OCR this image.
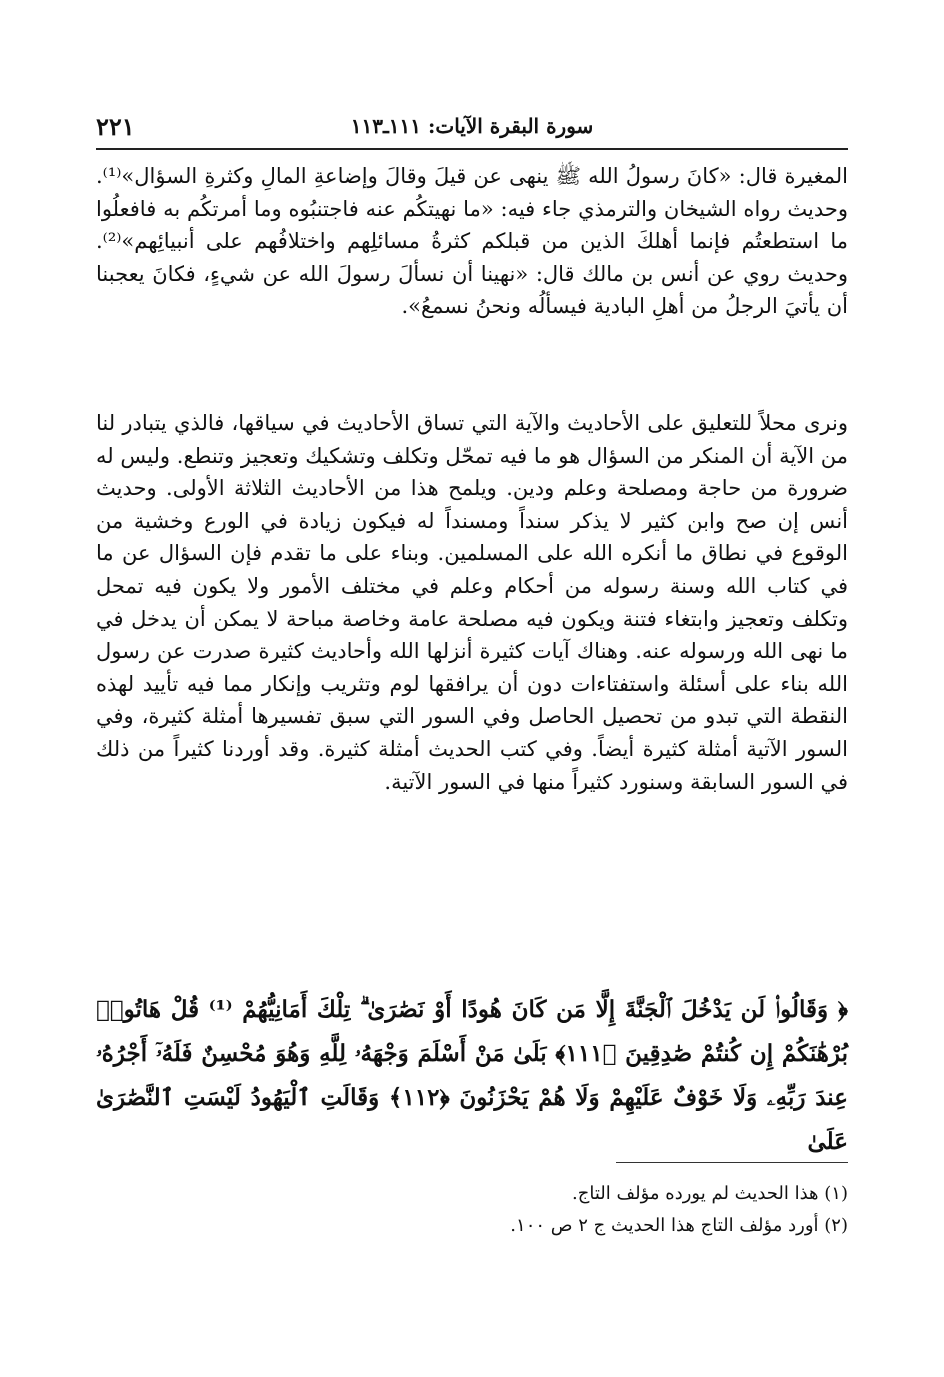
٢٢١	سورة البقرة الآيات: ١١١ـ١١٣

المغيرة قال: «كانَ رسولُ الله ﷺ ينهى عن قيلَ وقالَ وإضاعةِ المالِ وكثرةِ السؤال»⁽¹⁾. وحديث رواه الشيخان والترمذي جاء فيه: «ما نهيتكُم عنه فاجتنبُوه وما أمرتكُم به فافعلُوا ما استطعتُم فإنما أهلكَ الذين من قبلكم كثرةُ مسائلِهم واختلافُهم على أنبيائِهم»⁽²⁾. وحديث روي عن أنس بن مالك قال: «نهينا أن نسألَ رسولَ الله عن شيءٍ، فكانَ يعجبنا أن يأتيَ الرجلُ من أهلِ البادية فيسألُه ونحنُ نسمعُ».

ونرى محلاً للتعليق على الأحاديث والآية التي تساق الأحاديث في سياقها، فالذي يتبادر لنا من الآية أن المنكر من السؤال هو ما فيه تمحّل وتكلف وتشكيك وتعجيز وتنطع. وليس له ضرورة من حاجة ومصلحة وعلم ودين. ويلمح هذا من الأحاديث الثلاثة الأولى. وحديث أنس إن صح وابن كثير لا يذكر سنداً ومسنداً له فيكون زيادة في الورع وخشية من الوقوع في نطاق ما أنكره الله على المسلمين. وبناء على ما تقدم فإن السؤال عن ما في كتاب الله وسنة رسوله من أحكام وعلم في مختلف الأمور ولا يكون فيه تمحل وتكلف وتعجيز وابتغاء فتنة ويكون فيه مصلحة عامة وخاصة مباحة لا يمكن أن يدخل في ما نهى الله ورسوله عنه. وهناك آيات كثيرة أنزلها الله وأحاديث كثيرة صدرت عن رسول الله بناء على أسئلة واستفتاءات دون أن يرافقها لوم وتثريب وإنكار مما فيه تأييد لهذه النقطة التي تبدو من تحصيل الحاصل وفي السور التي سبق تفسيرها أمثلة كثيرة، وفي السور الآتية أمثلة كثيرة أيضاً. وفي كتب الحديث أمثلة كثيرة. وقد أوردنا كثيراً من ذلك في السور السابقة وسنورد كثيراً منها في السور الآتية.

﴿ وَقَالُوا۟ لَن يَدْخُلَ ٱلْجَنَّةَ إِلَّا مَن كَانَ هُودًا أَوْ نَصَٰرَىٰ ۗ تِلْكَ أَمَانِيُّهُمْ ⁽¹⁾ قُلْ هَاتُوا۟ بُرْهَٰنَكُمْ إِن كُنتُمْ صَٰدِقِينَ ﴿١١١﴾ بَلَىٰ مَنْ أَسْلَمَ وَجْهَهُۥ لِلَّهِ وَهُوَ مُحْسِنٌ فَلَهُۥٓ أَجْرُهُۥ عِندَ رَبِّهِۦ وَلَا خَوْفٌ عَلَيْهِمْ وَلَا هُمْ يَحْزَنُونَ ﴿١١٢﴾ وَقَالَتِ ٱلْيَهُودُ لَيْسَتِ ٱلنَّصَٰرَىٰ عَلَىٰ

(١) هذا الحديث لم يورده مؤلف التاج.
(٢) أورد مؤلف التاج هذا الحديث ج ٢ ص ١٠٠.
